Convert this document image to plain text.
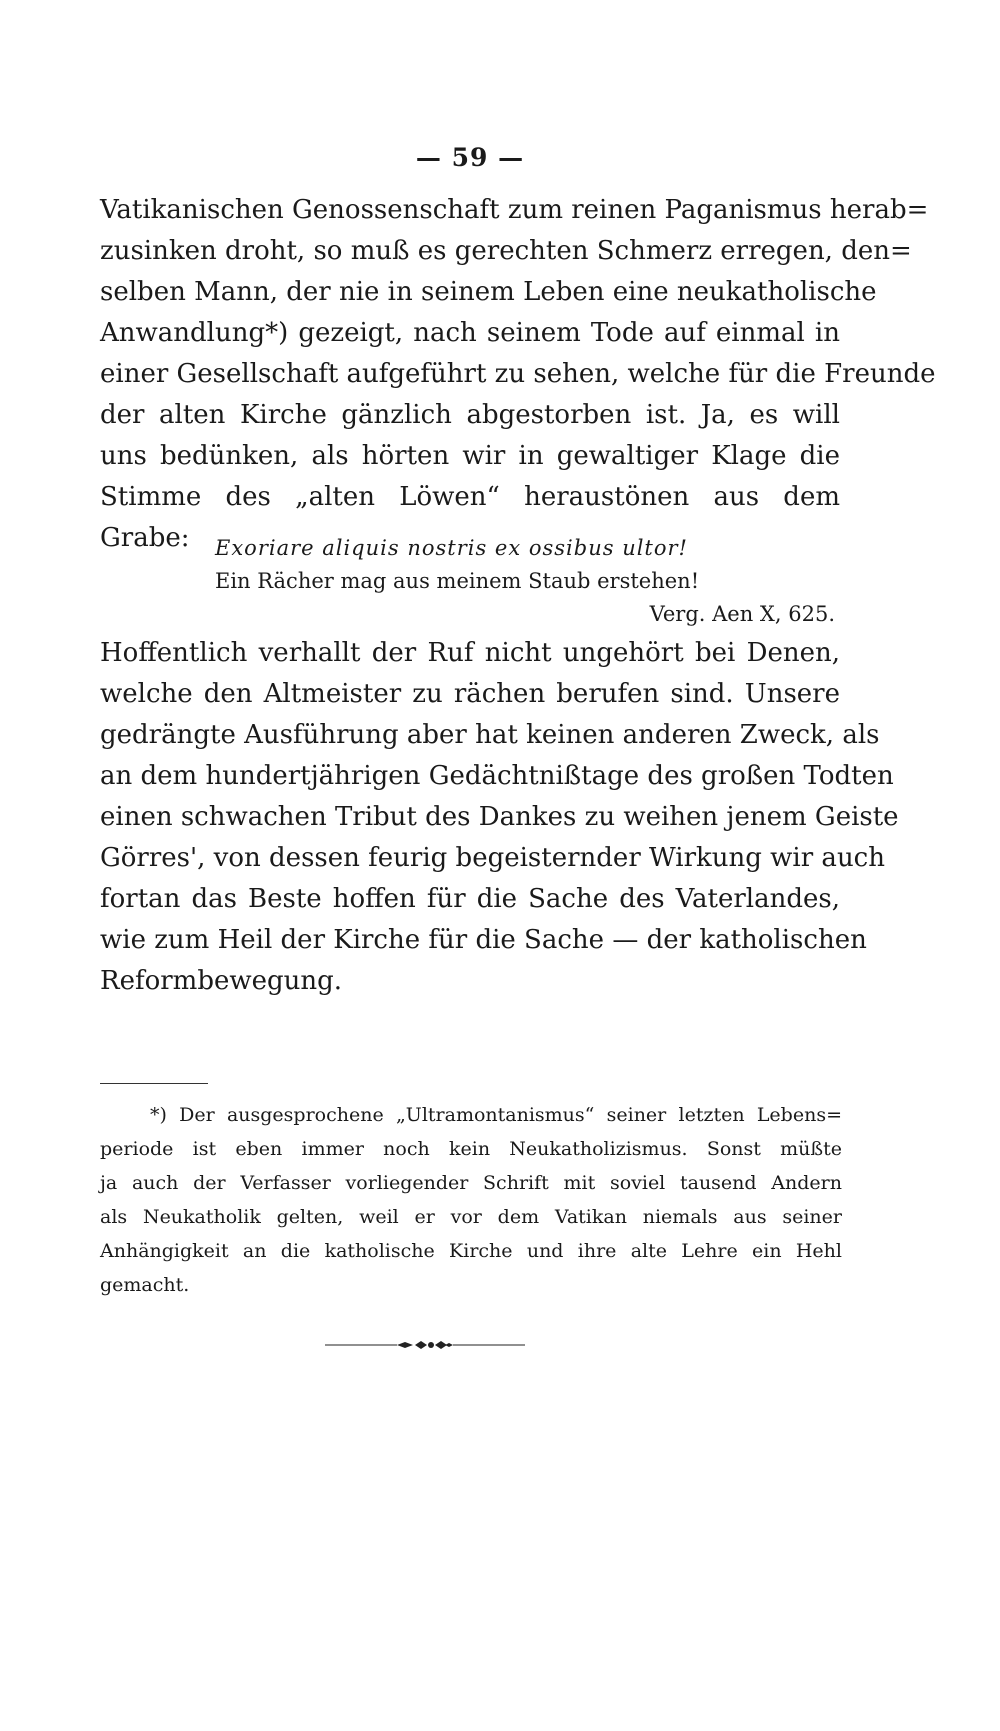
— 59 —
Vatikanischen Genossenschaft zum reinen Paganismus herab=
zusinken droht, so muß es gerechten Schmerz erregen, den=
selben Mann, der nie in seinem Leben eine neukatholische
Anwandlung*) gezeigt, nach seinem Tode auf einmal in
einer Gesellschaft aufgeführt zu sehen, welche für die Freunde
der alten Kirche gänzlich abgestorben ist. Ja, es will
uns bedünken, als hörten wir in gewaltiger Klage die
Stimme des „alten Löwen“ heraustönen aus dem
Grabe:	Exoriare aliquis nostris ex ossibus ultor!
Ein Rächer mag aus meinem Staub erstehen!
Verg. Aen X, 625.
Hoffentlich verhallt der Ruf nicht ungehört bei Denen,
welche den Altmeister zu rächen berufen sind. Unsere
gedrängte Ausführung aber hat keinen anderen Zweck, als
an dem hundertjährigen Gedächtnißtage des großen Todten
einen schwachen Tribut des Dankes zu weihen jenem Geiste
Görres', von dessen feurig begeisternder Wirkung wir auch
fortan das Beste hoffen für die Sache des Vaterlandes,
wie zum Heil der Kirche für die Sache — der katholischen
Reformbewegung.
*) Der ausgesprochene „Ultramontanismus“ seiner letzten Lebens=
periode ist eben immer noch kein Neukatholizismus. Sonst müßte
ja auch der Verfasser vorliegender Schrift mit soviel tausend Andern
als Neukatholik gelten, weil er vor dem Vatikan niemals aus seiner
Anhängigkeit an die katholische Kirche und ihre alte Lehre ein Hehl
gemacht.
